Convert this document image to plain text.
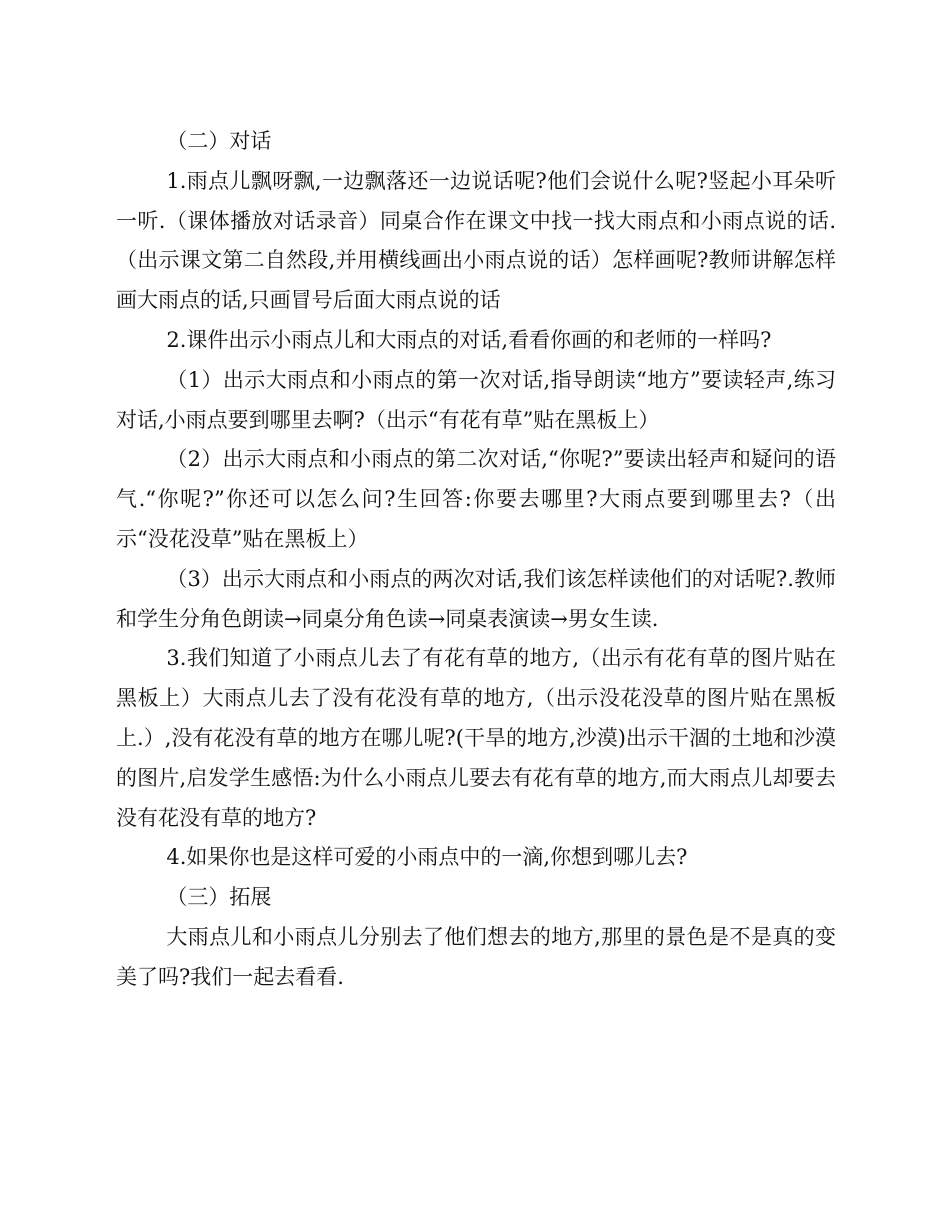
（二）对话

1.雨点儿飘呀飘,一边飘落还一边说话呢?他们会说什么呢?竖起小耳朵听一听.（课体播放对话录音）同桌合作在课文中找一找大雨点和小雨点说的话.（出示课文第二自然段,并用横线画出小雨点说的话）怎样画呢?教师讲解怎样画大雨点的话,只画冒号后面大雨点说的话

2.课件出示小雨点儿和大雨点的对话,看看你画的和老师的一样吗?

（1）出示大雨点和小雨点的第一次对话,指导朗读“地方”要读轻声,练习对话,小雨点要到哪里去啊?（出示“有花有草”贴在黑板上）

（2）出示大雨点和小雨点的第二次对话,“你呢?”要读出轻声和疑问的语气.“你呢?”你还可以怎么问?生回答:你要去哪里?大雨点要到哪里去?（出示“没花没草”贴在黑板上）

（3）出示大雨点和小雨点的两次对话,我们该怎样读他们的对话呢?.教师和学生分角色朗读→同桌分角色读→同桌表演读→男女生读.

3.我们知道了小雨点儿去了有花有草的地方,（出示有花有草的图片贴在黑板上）大雨点儿去了没有花没有草的地方,（出示没花没草的图片贴在黑板上.）,没有花没有草的地方在哪儿呢?(干旱的地方,沙漠)出示干涸的土地和沙漠的图片,启发学生感悟:为什么小雨点儿要去有花有草的地方,而大雨点儿却要去没有花没有草的地方?

4.如果你也是这样可爱的小雨点中的一滴,你想到哪儿去?

（三）拓展

大雨点儿和小雨点儿分别去了他们想去的地方,那里的景色是不是真的变美了吗?我们一起去看看.
